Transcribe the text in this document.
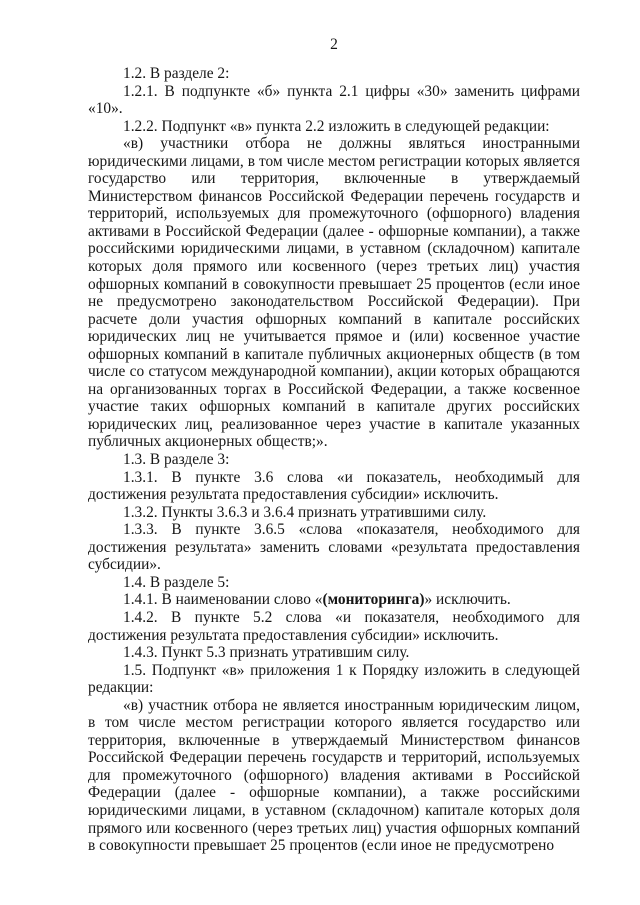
2

1.2. В разделе 2:

1.2.1. В подпункте «б» пункта 2.1 цифры «30» заменить цифрами «10».

1.2.2. Подпункт «в» пункта 2.2 изложить в следующей редакции:

«в) участники отбора не должны являться иностранными юридическими лицами, в том числе местом регистрации которых является государство или территория, включенные в утверждаемый Министерством финансов Российской Федерации перечень государств и территорий, используемых для промежуточного (офшорного) владения активами в Российской Федерации (далее - офшорные компании), а также российскими юридическими лицами, в уставном (складочном) капитале которых доля прямого или косвенного (через третьих лиц) участия офшорных компаний в совокупности превышает 25 процентов (если иное не предусмотрено законодательством Российской Федерации). При расчете доли участия офшорных компаний в капитале российских юридических лиц не учитывается прямое и (или) косвенное участие офшорных компаний в капитале публичных акционерных обществ (в том числе со статусом международной компании), акции которых обращаются на организованных торгах в Российской Федерации, а также косвенное участие таких офшорных компаний в капитале других российских юридических лиц, реализованное через участие в капитале указанных публичных акционерных обществ;».

1.3. В разделе 3:

1.3.1. В пункте 3.6 слова «и показатель, необходимый для достижения результата предоставления субсидии» исключить.

1.3.2. Пункты 3.6.3 и 3.6.4 признать утратившими силу.

1.3.3. В пункте 3.6.5 «слова «показателя, необходимого для достижения результата» заменить словами «результата предоставления субсидии».

1.4. В разделе 5:

1.4.1. В наименовании слово «(мониторинга)» исключить.

1.4.2. В пункте 5.2 слова «и показателя, необходимого для достижения результата предоставления субсидии» исключить.

1.4.3. Пункт 5.3 признать утратившим силу.

1.5. Подпункт «в» приложения 1 к Порядку изложить в следующей редакции:

«в) участник отбора не является иностранным юридическим лицом, в том числе местом регистрации которого является государство или территория, включенные в утверждаемый Министерством финансов Российской Федерации перечень государств и территорий, используемых для промежуточного (офшорного) владения активами в Российской Федерации (далее - офшорные компании), а также российскими юридическими лицами, в уставном (складочном) капитале которых доля прямого или косвенного (через третьих лиц) участия офшорных компаний в совокупности превышает 25 процентов (если иное не предусмотрено
